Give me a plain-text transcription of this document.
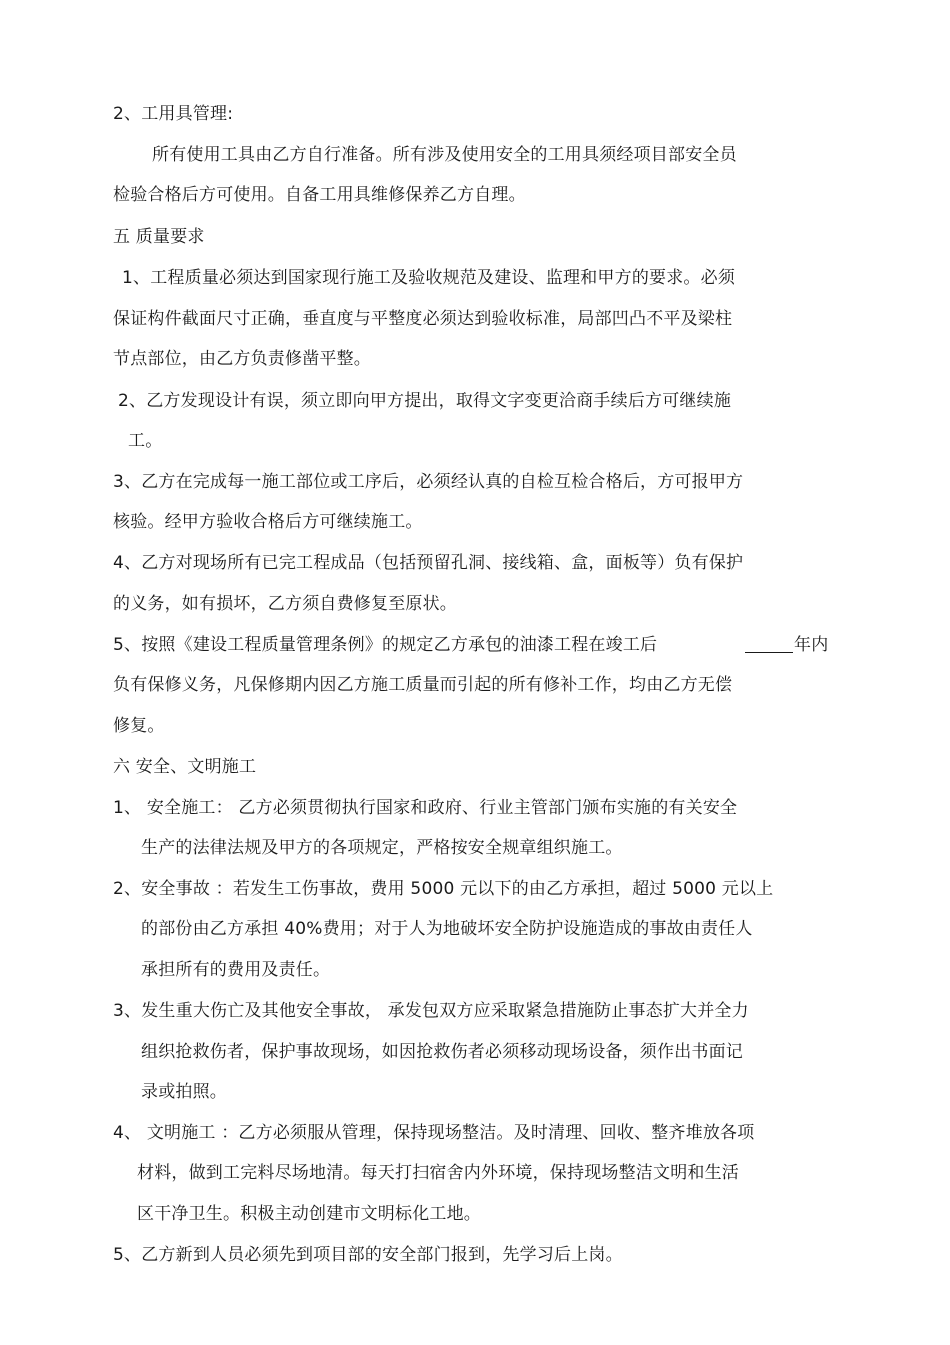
2、工用具管理:
所有使用工具由乙方自行准备。所有涉及使用安全的工用具须经项目部安全员
检验合格后方可使用。自备工用具维修保养乙方自理。
五 质量要求
1、工程质量必须达到国家现行施工及验收规范及建设、监理和甲方的要求。必须
保证构件截面尺寸正确，垂直度与平整度必须达到验收标准，局部凹凸不平及梁柱
节点部位，由乙方负责修凿平整。
2、乙方发现设计有误，须立即向甲方提出，取得文字变更洽商手续后方可继续施
工。
3、乙方在完成每一施工部位或工序后，必须经认真的自检互检合格后，方可报甲方
核验。经甲方验收合格后方可继续施工。
4、乙方对现场所有已完工程成品（包括预留孔洞、接线箱、盒，面板等）负有保护
的义务，如有损坏，乙方须自费修复至原状。
5、按照《建设工程质量管理条例》的规定乙方承包的油漆工程在竣工后	年内
负有保修义务，凡保修期内因乙方施工质量而引起的所有修补工作，均由乙方无偿
修复。
六 安全、文明施工
1、 安全施工： 乙方必须贯彻执行国家和政府、行业主管部门颁布实施的有关安全
生产的法律法规及甲方的各项规定，严格按安全规章组织施工。
2、安全事故 ：若发生工伤事故，费用 5000 元以下的由乙方承担，超过 5000 元以上
的部份由乙方承担 40%费用；对于人为地破坏安全防护设施造成的事故由责任人
承担所有的费用及责任。
3、发生重大伤亡及其他安全事故， 承发包双方应采取紧急措施防止事态扩大并全力
组织抢救伤者，保护事故现场，如因抢救伤者必须移动现场设备，须作出书面记
录或拍照。
4、 文明施工 ：乙方必须服从管理，保持现场整洁。及时清理、回收、整齐堆放各项
材料，做到工完料尽场地清。每天打扫宿舍内外环境，保持现场整洁文明和生活
区干净卫生。积极主动创建市文明标化工地。
5、乙方新到人员必须先到项目部的安全部门报到，先学习后上岗。
